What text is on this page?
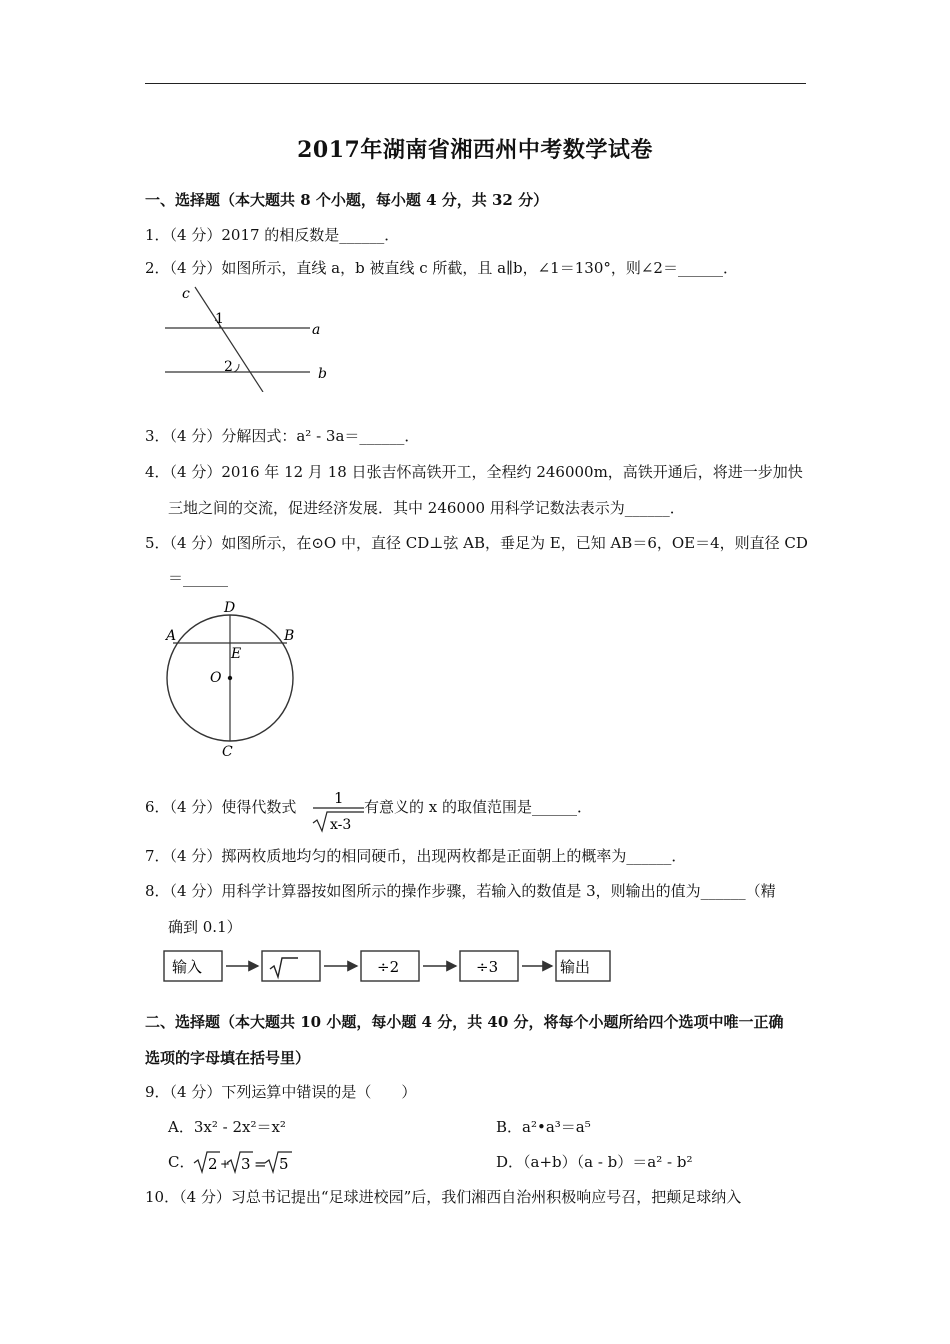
2017年湖南省湘西州中考数学试卷
一、选择题（本大题共 8 个小题，每小题 4 分，共 32 分）
1．（4 分）2017 的相反数是______．
2．（4 分）如图所示，直线 a，b 被直线 c 所截，且 a∥b，∠1＝130°，则∠2＝______．
c
1
a
2	b
3．（4 分）分解因式：a² - 3a＝______．
4．（4 分）2016 年 12 月 18 日张吉怀高铁开工，全程约 246000m，高铁开通后，将进一步加快
三地之间的交流，促进经济发展．其中 246000 用科学记数法表示为______．
5．（4 分）如图所示，在⊙O 中，直径 CD⊥弦 AB，垂足为 E，已知 AB＝6，OE＝4，则直径 CD
＝______
D
A	B
E
O
C
6．（4 分）使得代数式	1
x-3
有意义的 x 的取值范围是______．
7．（4 分）掷两枚质地均匀的相同硬币，出现两枚都是正面朝上的概率为______．
8．（4 分）用科学计算器按如图所示的操作步骤，若输入的数值是 3，则输出的值为______（精
确到 0.1）
输入	÷2	÷3	输出
二、选择题（本大题共 10 小题，每小题 4 分，共 40 分，将每个小题所给四个选项中唯一正确
选项的字母填在括号里）
9．（4 分）下列运算中错误的是（　　）
A．3x² - 2x²＝x²	B．a²•a³＝a⁵
C． 2 + 3 = 5	D．（a+b）（a - b）＝a² - b²
10．（4 分）习总书记提出“足球进校园”后，我们湘西自治州积极响应号召，把颠足球纳入
